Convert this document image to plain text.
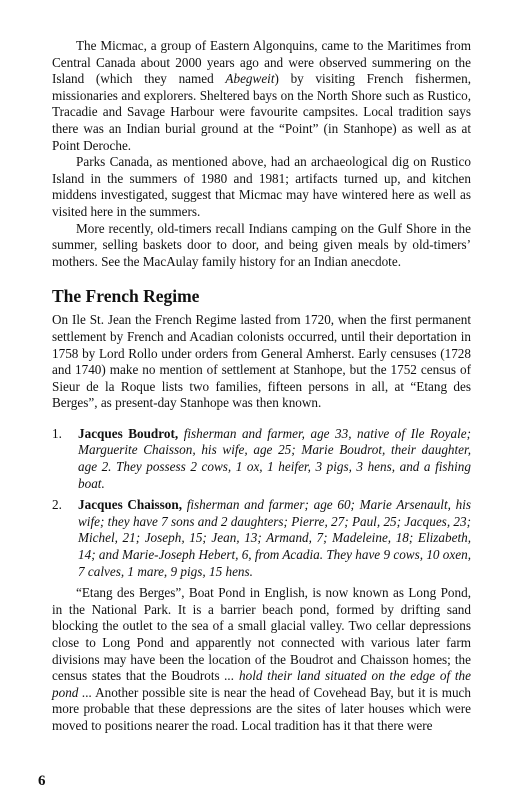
The Micmac, a group of Eastern Algonquins, came to the Maritimes from Central Canada about 2000 years ago and were observed summering on the Island (which they named Abegweit) by visiting French fishermen, missionaries and explorers. Sheltered bays on the North Shore such as Rustico, Tracadie and Savage Harbour were favourite campsites. Local tradition says there was an Indian burial ground at the “Point” (in Stanhope) as well as at Point Deroche.

Parks Canada, as mentioned above, had an archaeological dig on Rustico Island in the summers of 1980 and 1981; artifacts turned up, and kitchen middens investigated, suggest that Micmac may have wintered here as well as visited here in the summers.

More recently, old-timers recall Indians camping on the Gulf Shore in the summer, selling baskets door to door, and being given meals by old-timers’ mothers. See the MacAulay family history for an Indian anecdote.

The French Regime

On Ile St. Jean the French Regime lasted from 1720, when the first permanent settlement by French and Acadian colonists occurred, until their deportation in 1758 by Lord Rollo under orders from General Amherst. Early censuses (1728 and 1740) make no mention of settlement at Stanhope, but the 1752 census of Sieur de la Roque lists two families, fifteen persons in all, at “Etang des Berges”, as present-day Stanhope was then known.

1. Jacques Boudrot, fisherman and farmer, age 33, native of Ile Royale; Marguerite Chaisson, his wife, age 25; Marie Boudrot, their daughter, age 2. They possess 2 cows, 1 ox, 1 heifer, 3 pigs, 3 hens, and a fishing boat.
2. Jacques Chaisson, fisherman and farmer; age 60; Marie Arsenault, his wife; they have 7 sons and 2 daughters; Pierre, 27; Paul, 25; Jacques, 23; Michel, 21; Joseph, 15; Jean, 13; Armand, 7; Madeleine, 18; Elizabeth, 14; and Marie-Joseph Hebert, 6, from Acadia. They have 9 cows, 10 oxen, 7 calves, 1 mare, 9 pigs, 15 hens.

“Etang des Berges”, Boat Pond in English, is now known as Long Pond, in the National Park. It is a barrier beach pond, formed by drifting sand blocking the outlet to the sea of a small glacial valley. Two cellar depressions close to Long Pond and apparently not connected with various later farm divisions may have been the location of the Boudrot and Chaisson homes; the census states that the Boudrots ... hold their land situated on the edge of the pond ... Another possible site is near the head of Covehead Bay, but it is much more probable that these depressions are the sites of later houses which were moved to positions nearer the road. Local tradition has it that there were

6
